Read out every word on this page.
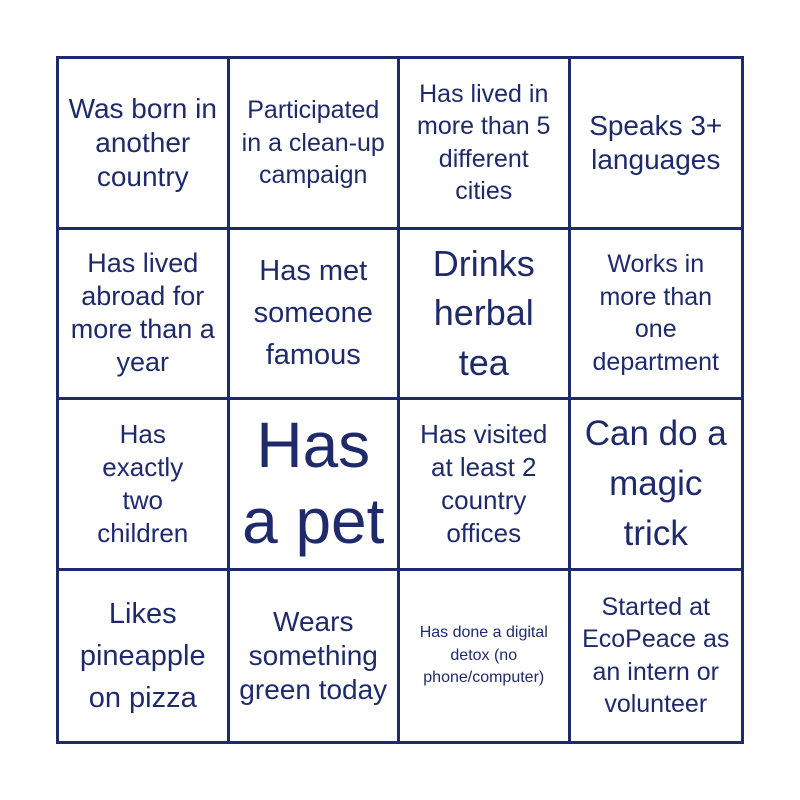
Was born in another country
Participated in a clean-up campaign
Has lived in more than 5 different cities
Speaks 3+ languages
Has lived abroad for more than a year
Has met someone famous
Drinks herbal tea
Works in more than one department
Has exactly two children
Has a pet
Has visited at least 2 country offices
Can do a magic trick
Likes pineapple on pizza
Wears something green today
Has done a digital detox (no phone/computer)
Started at EcoPeace as an intern or volunteer
